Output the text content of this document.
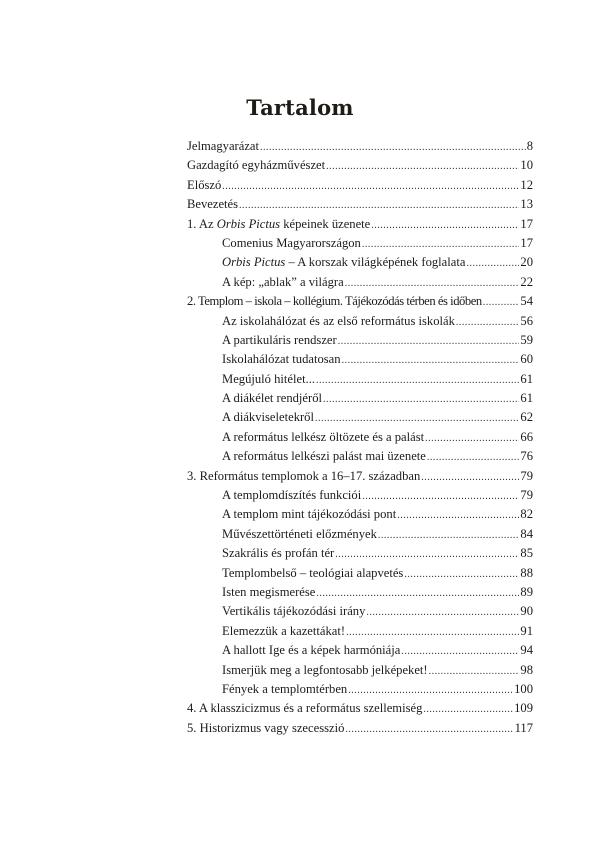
Tartalom
Jelmagyarázat .....	8
Gazdagító egyházművészet .....	10
Előszó .....	12
Bevezetés .....	13
1. Az Orbis Pictus képeinek üzenete .....	17
Comenius Magyarországon .....	17
Orbis Pictus – A korszak világképének foglalata .....	20
A kép: „ablak” a világra .....	22
2. Templom – iskola – kollégium. Tájékozódás térben és időben .....	54
Az iskolahálózat és az első református iskolák .....	56
A partikuláris rendszer .....	59
Iskolahálózat tudatosan .....	60
Megújuló hitélet... .....	61
A diákélet rendjéről .....	61
A diákviseletekről .....	62
A református lelkész öltözete és a palást .....	66
A református lelkészi palást mai üzenete .....	76
3. Református templomok a 16–17. században .....	79
A templomdíszítés funkciói .....	79
A templom mint tájékozódási pont .....	82
Művészettörténeti előzmények .....	84
Szakrális és profán tér .....	85
Templombelső – teológiai alapvetés .....	88
Isten megismerése .....	89
Vertikális tájékozódási irány .....	90
Elemezzük a kazettákat! .....	91
A hallott Ige és a képek harmóniája .....	94
Ismerjük meg a legfontosabb jelképeket! .....	98
Fények a templomtérben .....	100
4. A klasszicizmus és a református szellemiség .....	109
5. Historizmus vagy szecesszió .....	117
